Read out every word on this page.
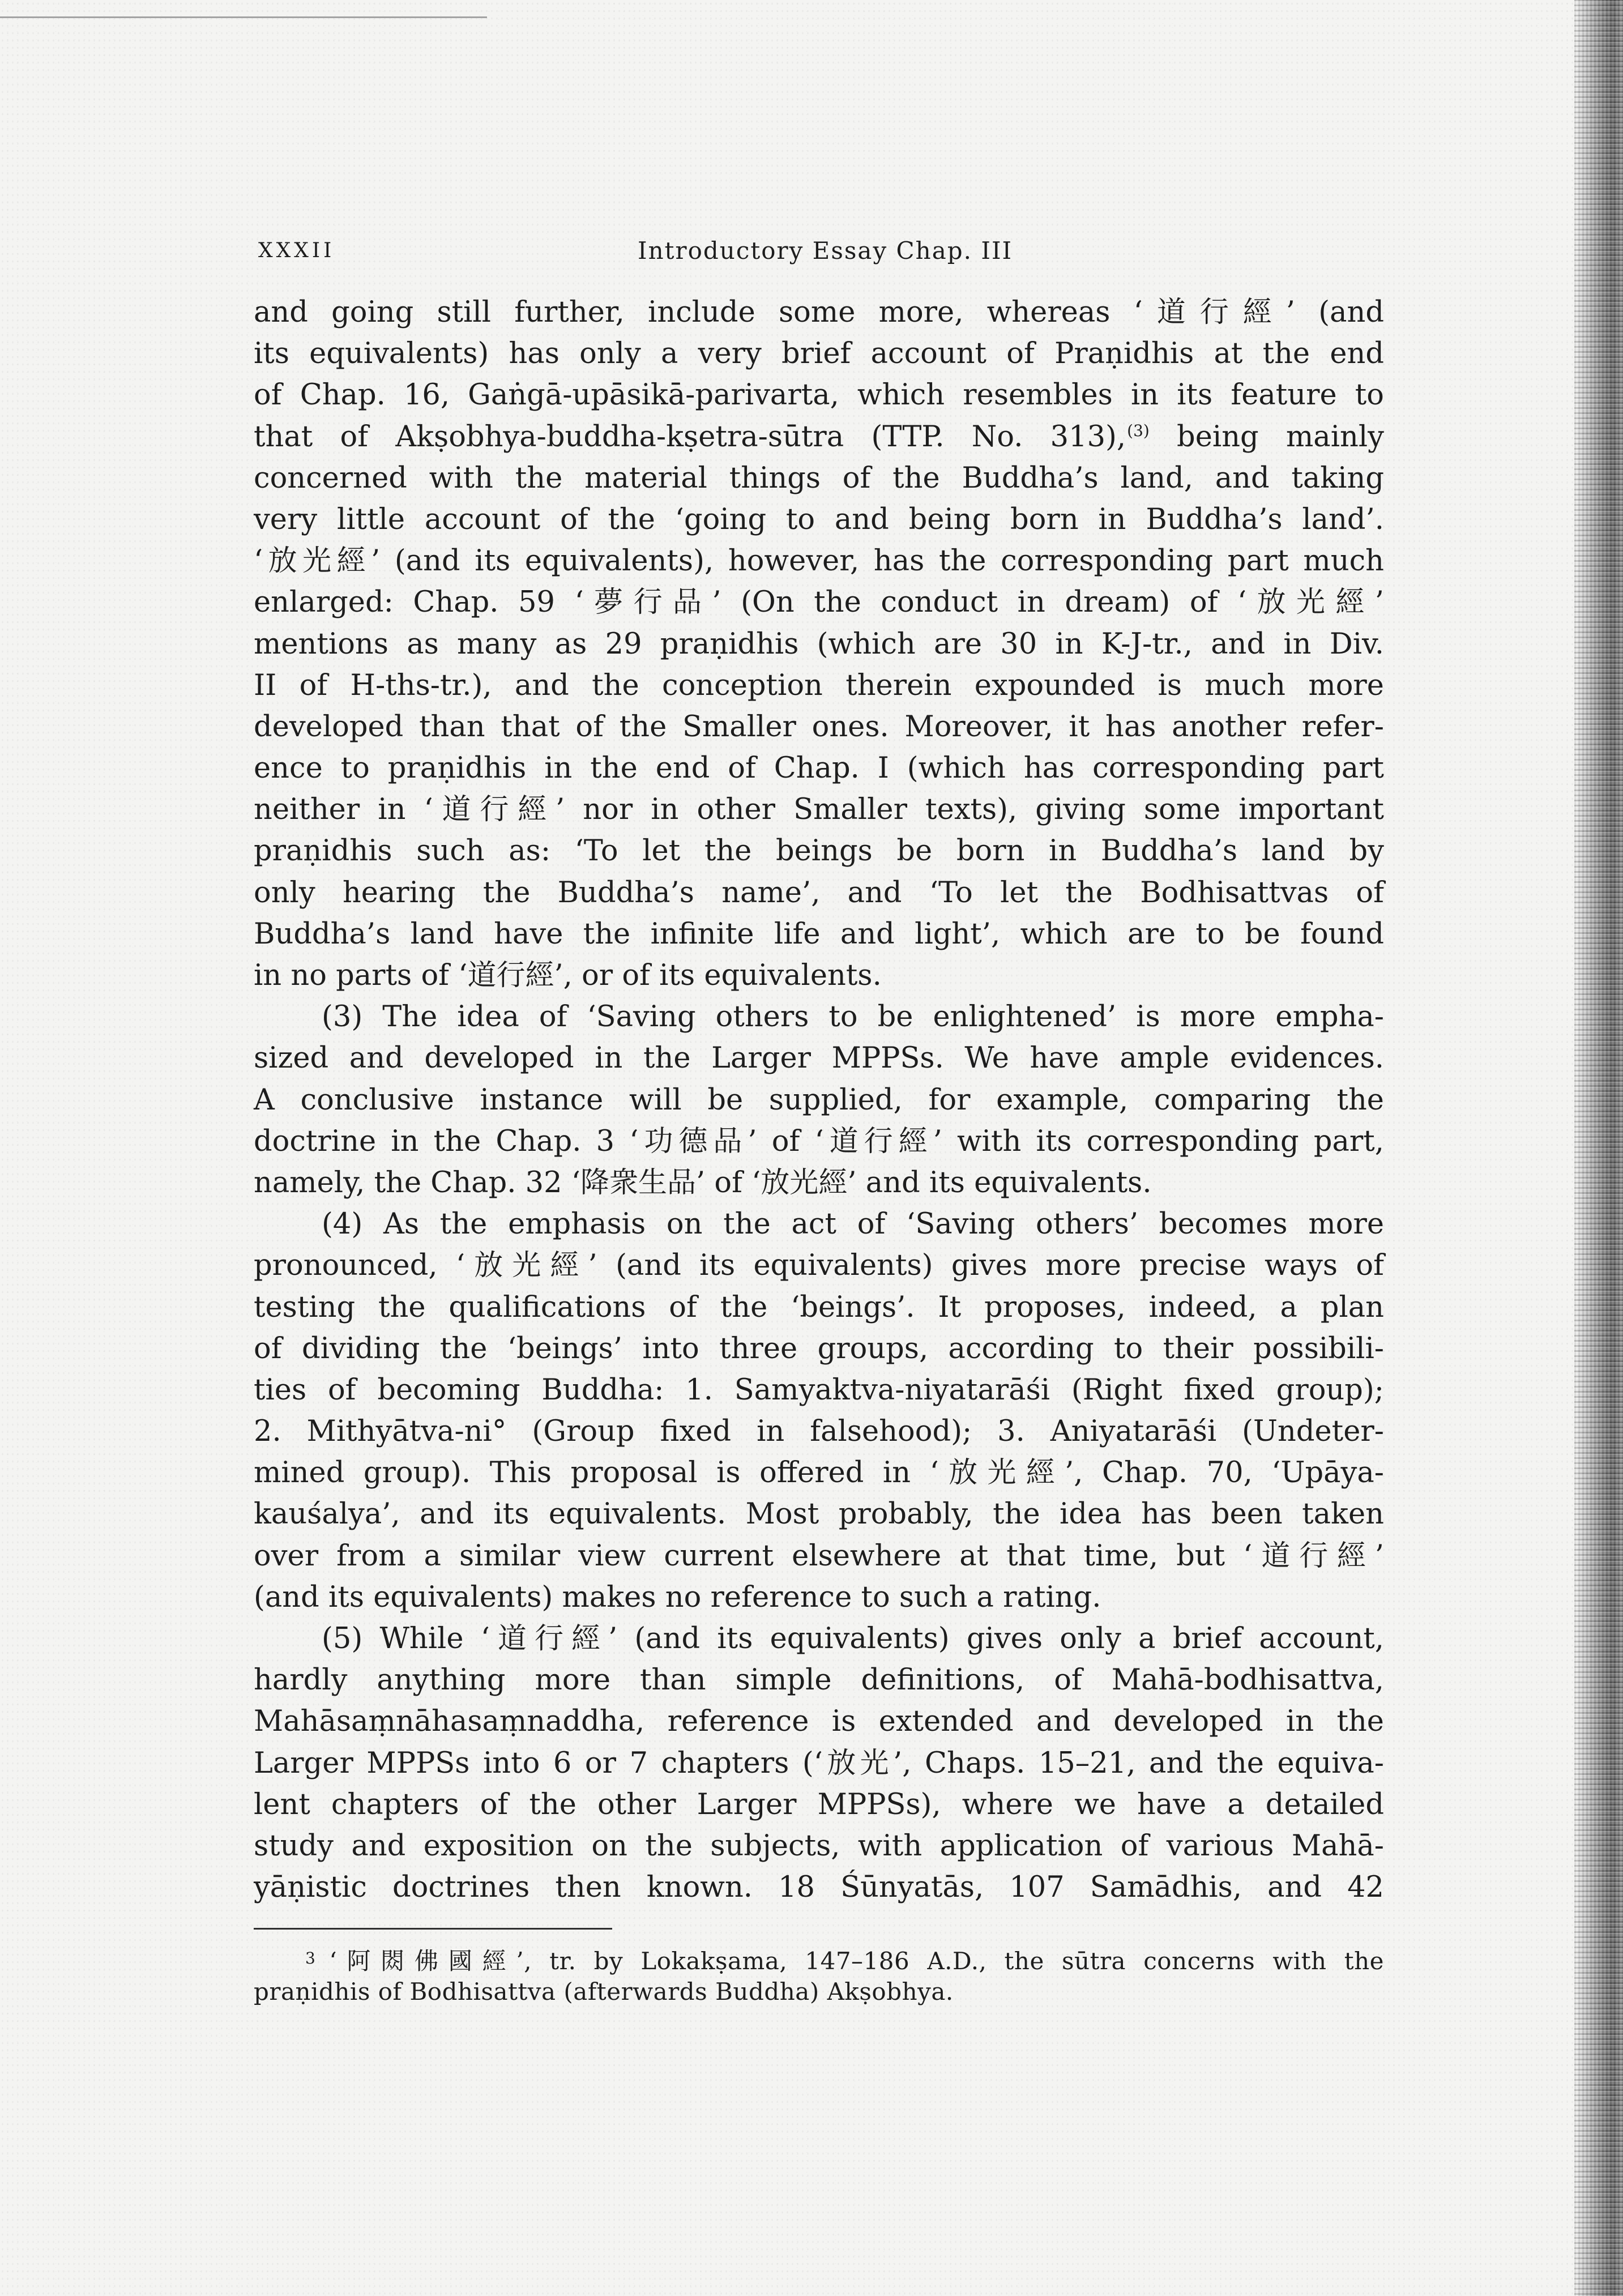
XXXII	Introductory Essay Chap. III
and going still further, include some more, whereas ‘道行經’ (and
its equivalents) has only a very brief account of Praṇidhis at the end
of Chap. 16, Gaṅgā-upāsikā-parivarta, which resembles in its feature to
that of Akṣobhya-buddha-kṣetra-sūtra (TTP. No. 313),$^{(3)}$ being mainly
concerned with the material things of the Buddha’s land, and taking
very little account of the ‘going to and being born in Buddha’s land’.
‘放光經’ (and its equivalents), however, has the corresponding part much
enlarged: Chap. 59 ‘夢行品’ (On the conduct in dream) of ‘放光經’
mentions as many as 29 praṇidhis (which are 30 in K-J-tr., and in Div.
II of H-ths-tr.), and the conception therein expounded is much more
developed than that of the Smaller ones. Moreover, it has another refer-
ence to praṇidhis in the end of Chap. I (which has corresponding part
neither in ‘道行經’ nor in other Smaller texts), giving some important
praṇidhis such as: ‘To let the beings be born in Buddha’s land by
only hearing the Buddha’s name’, and ‘To let the Bodhisattvas of
Buddha’s land have the infinite life and light’, which are to be found
in no parts of ‘道行經’, or of its equivalents.
(3) The idea of ‘Saving others to be enlightened’ is more empha-
sized and developed in the Larger MPPSs. We have ample evidences.
A conclusive instance will be supplied, for example, comparing the
doctrine in the Chap. 3 ‘功德品’ of ‘道行經’ with its corresponding part,
namely, the Chap. 32 ‘降衆生品’ of ‘放光經’ and its equivalents.
(4) As the emphasis on the act of ‘Saving others’ becomes more
pronounced, ‘放光經’ (and its equivalents) gives more precise ways of
testing the qualifications of the ‘beings’. It proposes, indeed, a plan
of dividing the ‘beings’ into three groups, according to their possibili-
ties of becoming Buddha: 1. Samyaktva-niyatarāśi (Right fixed group);
2. Mithyātva-ni° (Group fixed in falsehood); 3. Aniyatarāśi (Undeter-
mined group). This proposal is offered in ‘放光經’, Chap. 70, ‘Upāya-
kauśalya’, and its equivalents. Most probably, the idea has been taken
over from a similar view current elsewhere at that time, but ‘道行經’
(and its equivalents) makes no reference to such a rating.
(5) While ‘道行經’ (and its equivalents) gives only a brief account,
hardly anything more than simple definitions, of Mahā-bodhisattva,
Mahāsaṃnāhasaṃnaddha, reference is extended and developed in the
Larger MPPSs into 6 or 7 chapters (‘放光’, Chaps. 15–21, and the equiva-
lent chapters of the other Larger MPPSs), where we have a detailed
study and exposition on the subjects, with application of various Mahā-
yāṇistic doctrines then known. 18 Śūnyatās, 107 Samādhis, and 42
$^3$ ‘阿閦佛國經’, tr. by Lokakṣama, 147–186 A.D., the sūtra concerns with the
praṇidhis of Bodhisattva (afterwards Buddha) Akṣobhya.
